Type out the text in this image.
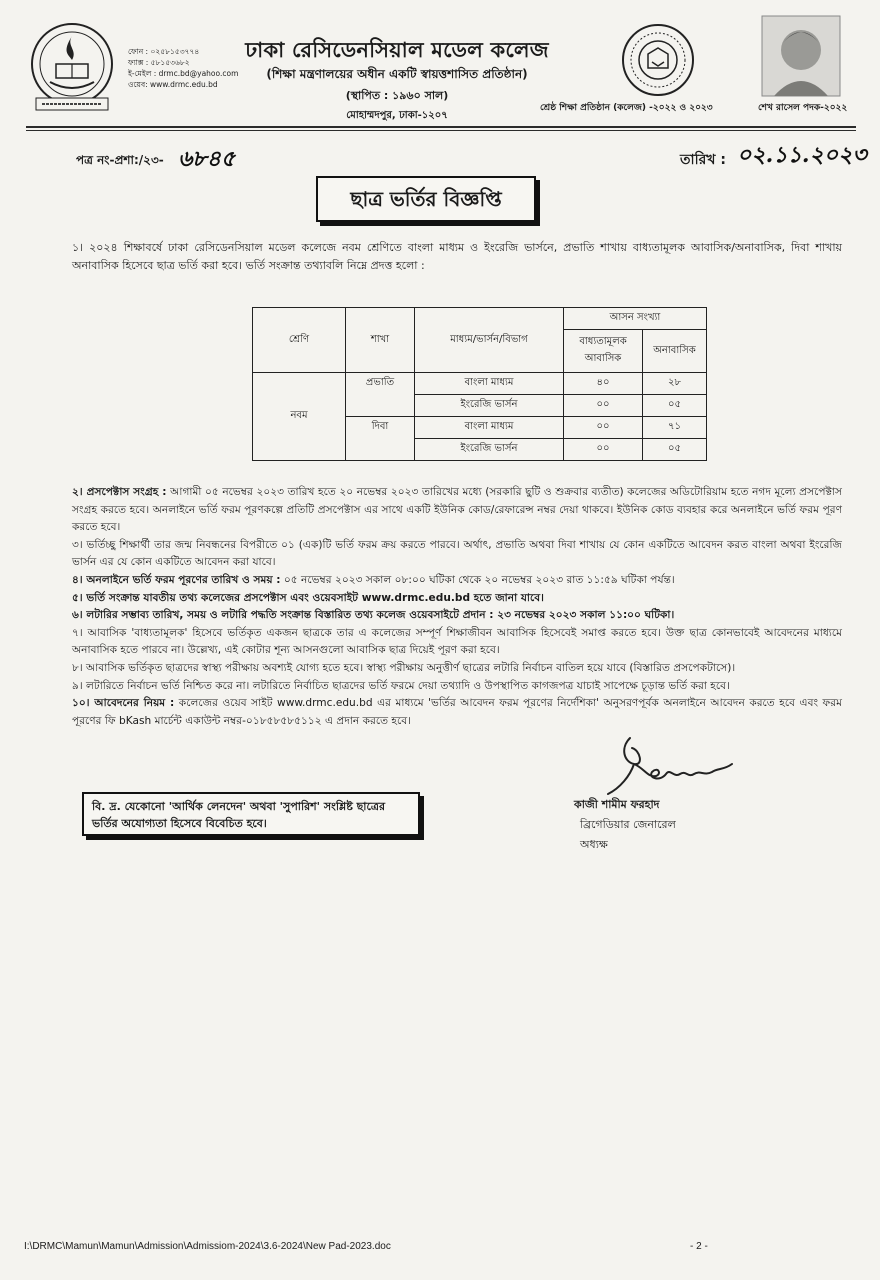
ফোন : ০২৫৮১৫৩৭৭৪
ফ্যাক্স : ৫৮১৫৩৬৮২
ই-মেইল : drmc.bd@yahoo.com
ওয়েব: www.drmc.edu.bd
ঢাকা রেসিডেনসিয়াল মডেল কলেজ
(শিক্ষা মন্ত্রণালয়ের অধীন একটি স্বায়ত্তশাসিত প্রতিষ্ঠান)
(স্থাপিত : ১৯৬০ সাল)
মোহাম্মদপুর, ঢাকা-১২০৭
শ্রেষ্ঠ শিক্ষা প্রতিষ্ঠান (কলেজ) -২০২২ ও ২০২৩	শেখ রাসেল পদক-২০২২
পত্র নং-প্রশা:/২৩- ৬৮৪৫	তারিখ : ০২.১১.২০২৩
ছাত্র ভর্তির বিজ্ঞপ্তি
১। ২০২৪ শিক্ষাবর্ষে ঢাকা রেসিডেনসিয়াল মডেল কলেজে নবম শ্রেণিতে বাংলা মাধ্যম ও ইংরেজি ভার্সনে, প্রভাতি শাখায় বাধ্যতামূলক আবাসিক/অনাবাসিক, দিবা শাখায় অনাবাসিক হিসেবে ছাত্র ভর্তি করা হবে। ভর্তি সংক্রান্ত তথ্যাবলি নিম্নে প্রদত্ত হলো :
শ্রেণি	শাখা	মাধ্যম/ভার্সন/বিভাগ	আসন সংখ্যা	
			বাধ্যতামূলক আবাসিক	অনাবাসিক
নবম	প্রভাতি	বাংলা মাধ্যম	৪০	২৮
		ইংরেজি ভার্সন	০০	০৫
	দিবা	বাংলা মাধ্যম	০০	৭১
		ইংরেজি ভার্সন	০০	০৫

২। প্রসপেক্টাস সংগ্রহ : আগামী ০৫ নভেম্বর ২০২৩ তারিখ হতে ২০ নভেম্বর ২০২৩ তারিখের মধ্যে (সরকারি ছুটি ও শুক্রবার ব্যতীত) কলেজের অডিটোরিয়াম হতে নগদ মূল্যে প্রসপেক্টাস সংগ্রহ করতে হবে। অনলাইনে ভর্তি ফরম পূরণকল্পে প্রতিটি প্রসপেক্টাস এর সাথে একটি ইউনিক কোড/রেফারেন্স নম্বর দেয়া থাকবে। ইউনিক কোড ব্যবহার করে অনলাইনে ভর্তি ফরম পূরণ করতে হবে।

৩। ভর্তিচ্ছু শিক্ষার্থী তার জন্ম নিবন্ধনের বিপরীতে ০১ (এক)টি ভর্তি ফরম ক্রয় করতে পারবে। অর্থাৎ, প্রভাতি অথবা দিবা শাখায় যে কোন একটিতে আবেদন করত বাংলা অথবা ইংরেজি ভার্সন এর যে কোন একটিতে আবেদন করা যাবে।

৪। অনলাইনে ভর্তি ফরম পূরণের তারিখ ও সময় : ০৫ নভেম্বর ২০২৩ সকাল ০৮:০০ ঘটিকা থেকে ২০ নভেম্বর ২০২৩ রাত ১১:৫৯ ঘটিকা পর্যন্ত।

৫। ভর্তি সংক্রান্ত যাবতীয় তথ্য কলেজের প্রসপেক্টাস এবং ওয়েবসাইট www.drmc.edu.bd হতে জানা যাবে।

৬। লটারির সম্ভাব্য তারিখ, সময় ও লটারি পদ্ধতি সংক্রান্ত বিস্তারিত তথ্য কলেজ ওয়েবসাইটে প্রদান : ২৩ নভেম্বর ২০২৩ সকাল ১১:০০ ঘটিকা।

৭। আবাসিক 'বাধ্যতামূলক' হিসেবে ভর্তিকৃত একজন ছাত্রকে তার এ কলেজের সম্পূর্ণ শিক্ষাজীবন আবাসিক হিসেবেই সমাপ্ত করতে হবে। উক্ত ছাত্র কোনভাবেই আবেদনের মাধ্যমে অনাবাসিক হতে পারবে না। উল্লেখ্য, এই কোটার শূন্য আসনগুলো আবাসিক ছাত্র দিয়েই পূরণ করা হবে।

৮। আবাসিক ভর্তিকৃত ছাত্রদের স্বাস্থ্য পরীক্ষায় অবশ্যই যোগ্য হতে হবে। স্বাস্থ্য পরীক্ষায় অনুত্তীর্ণ ছাত্রের লটারি নির্বাচন বাতিল হয়ে যাবে (বিস্তারিত প্রসপেকটাসে)।

৯। লটারিতে নির্বাচন ভর্তি নিশ্চিত করে না। লটারিতে নির্বাচিত ছাত্রদের ভর্তি ফরমে দেয়া তথ্যাদি ও উপস্থাপিত কাগজপত্র যাচাই সাপেক্ষে চূড়ান্ত ভর্তি করা হবে।

১০। আবেদনের নিয়ম : কলেজের ওয়েব সাইট www.drmc.edu.bd এর মাধ্যমে 'ভর্তির আবেদন ফরম পূরণের নির্দেশিকা' অনুসরণপূর্বক অনলাইনে আবেদন করতে হবে এবং ফরম পূরণের ফি bKash মার্চেন্ট একাউন্ট নম্বর-০১৮৫৮৫৮৫১১২ এ প্রদান করতে হবে।

কাজী শামীম ফরহাদ
ব্রিগেডিয়ার জেনারেল
অধ্যক্ষ
বি. দ্র. যেকোনো 'আর্থিক লেনদেন' অথবা 'সুপারিশ' সংশ্লিষ্ট ছাত্রের ভর্তির অযোগ্যতা হিসেবে বিবেচিত হবে।
I:\DRMC\Mamun\Mamun\Admission\Admissiom-2024\3.6-2024\New Pad-2023.doc	- 2 -
